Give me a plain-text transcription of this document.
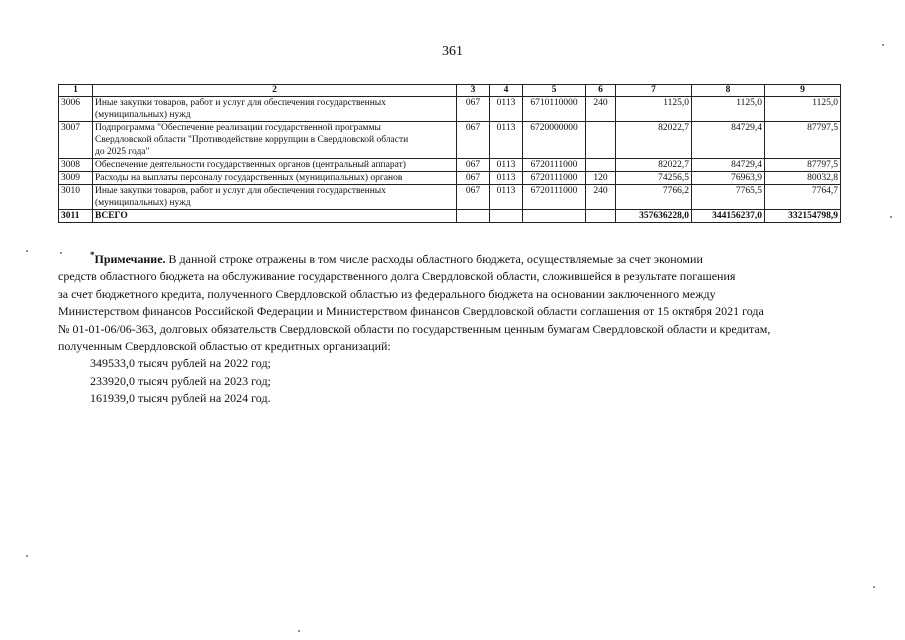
361
1	2	3	4	5	6	7	8	9
3006	Иные закупки товаров, работ и услуг для обеспечения государственных
(муниципальных) нужд	067	0113	6710110000	240	1125,0	1125,0	1125,0
3007	Подпрограмма "Обеспечение реализации государственной программы
Свердловской области "Противодействие коррупции в Свердловской области
до 2025 года"	067	0113	6720000000		82022,7	84729,4	87797,5
3008	Обеспечение деятельности государственных органов (центральный аппарат)	067	0113	6720111000		82022,7	84729,4	87797,5
3009	Расходы на выплаты персоналу государственных (муниципальных) органов	067	0113	6720111000	120	74256,5	76963,9	80032,8
3010	Иные закупки товаров, работ и услуг для обеспечения государственных
(муниципальных) нужд	067	0113	6720111000	240	7766,2	7765,5	7764,7
3011	ВСЕГО					357636228,0	344156237,0	332154798,9

*Примечание. В данной строке отражены в том числе расходы областного бюджета, осуществляемые за счет экономии

средств областного бюджета на обслуживание государственного долга Свердловской области, сложившейся в результате погашения

за счет бюджетного кредита, полученного Свердловской областью из федерального бюджета на основании заключенного между

Министерством финансов Российской Федерации и Министерством финансов Свердловской области соглашения от 15 октября 2021 года

№ 01-01-06/06-363, долговых обязательств Свердловской области по государственным ценным бумагам Свердловской области и кредитам,

полученным Свердловской областью от кредитных организаций:

349533,0 тысяч рублей на 2022 год;

233920,0 тысяч рублей на 2023 год;

161939,0 тысяч рублей на 2024 год.
